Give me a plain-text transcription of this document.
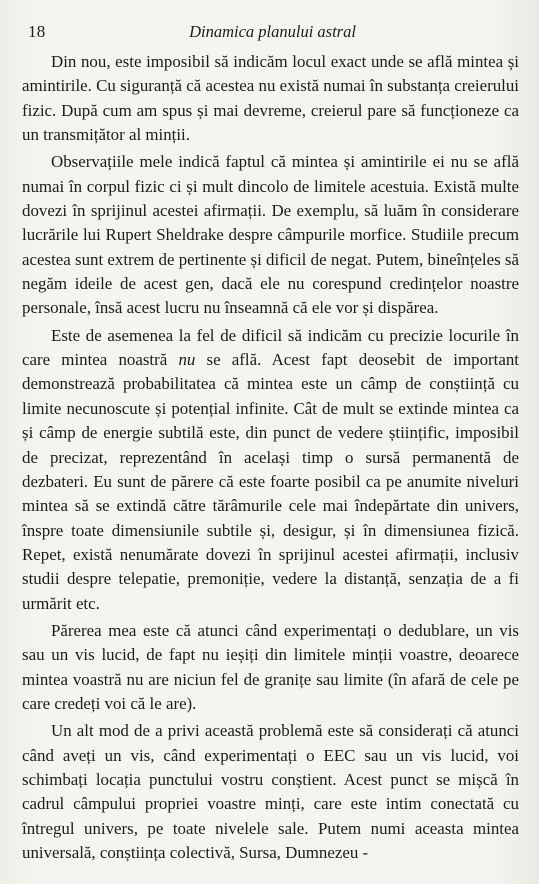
18	Dinamica planului astral

Din nou, este imposibil să indicăm locul exact unde se află mintea și amintirile. Cu siguranță că acestea nu există numai în substanța creierului fizic. După cum am spus și mai devreme, creierul pare să funcționeze ca un transmițător al minții.

Observațiile mele indică faptul că mintea și amintirile ei nu se află numai în corpul fizic ci și mult dincolo de limitele acestuia. Există multe dovezi în sprijinul acestei afirmații. De exemplu, să luăm în considerare lucrările lui Rupert Sheldrake despre câmpurile morfice. Studiile precum acestea sunt extrem de pertinente și dificil de negat. Putem, bineînțeles să negăm ideile de acest gen, dacă ele nu corespund credințelor noastre personale, însă acest lucru nu înseamnă că ele vor și dispărea.

Este de asemenea la fel de dificil să indicăm cu precizie locurile în care mintea noastră nu se află. Acest fapt deosebit de important demonstrează probabilitatea că mintea este un câmp de conștiință cu limite necunoscute și potențial infinite. Cât de mult se extinde mintea ca și câmp de energie subtilă este, din punct de vedere științific, imposibil de precizat, reprezentând în același timp o sursă permanentă de dezbateri. Eu sunt de părere că este foarte posibil ca pe anumite niveluri mintea să se extindă către tărâmurile cele mai îndepărtate din univers, înspre toate dimensiunile subtile și, desigur, și în dimensiunea fizică. Repet, există nenumărate dovezi în sprijinul acestei afirmații, inclusiv studii despre telepatie, premoniție, vedere la distanță, senzația de a fi urmărit etc.

Părerea mea este că atunci când experimentați o dedublare, un vis sau un vis lucid, de fapt nu ieșiți din limitele minții voastre, deoarece mintea voastră nu are niciun fel de granițe sau limite (în afară de cele pe care credeți voi că le are).

Un alt mod de a privi această problemă este să considerați că atunci când aveți un vis, când experimentați o EEC sau un vis lucid, voi schimbați locația punctului vostru conștient. Acest punct se mișcă în cadrul câmpului propriei voastre minți, care este intim conectată cu întregul univers, pe toate nivelele sale. Putem numi aceasta mintea universală, conștiința colectivă, Sursa, Dumnezeu -
